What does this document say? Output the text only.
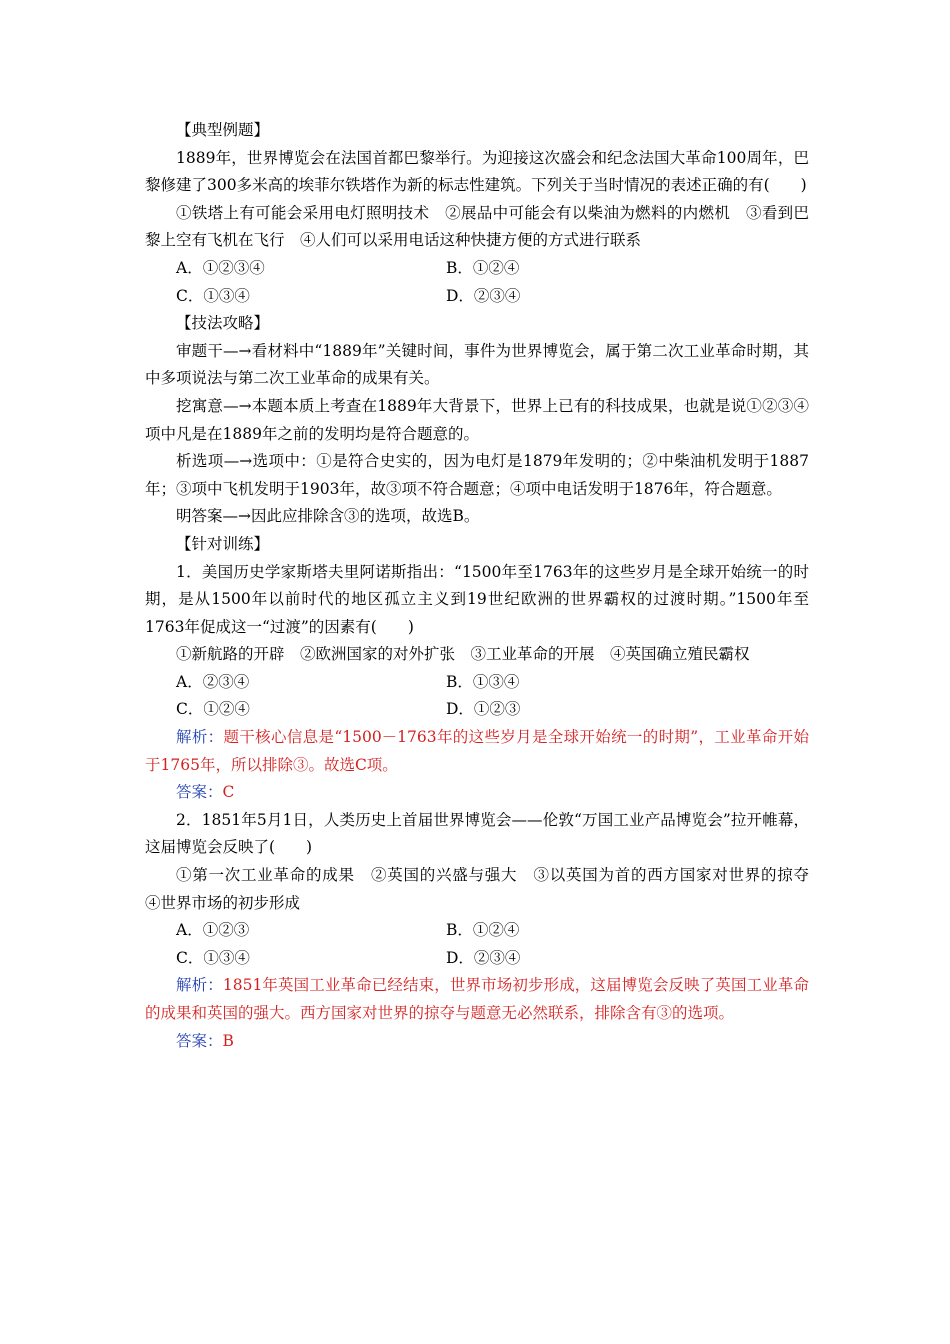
【典型例题】

1889年，世界博览会在法国首都巴黎举行。为迎接这次盛会和纪念法国大革命100周年，巴黎修建了300多米高的埃菲尔铁塔作为新的标志性建筑。下列关于当时情况的表述正确的有(　　)

①铁塔上有可能会采用电灯照明技术　②展品中可能会有以柴油为燃料的内燃机　③看到巴黎上空有飞机在飞行　④人们可以采用电话这种快捷方便的方式进行联系

A．①②③④	B．①②④
C．①③④	D．②③④

【技法攻略】

审题干—→看材料中“1889年”关键时间，事件为世界博览会，属于第二次工业革命时期，其中多项说法与第二次工业革命的成果有关。

挖寓意—→本题本质上考查在1889年大背景下，世界上已有的科技成果，也就是说①②③④项中凡是在1889年之前的发明均是符合题意的。

析选项—→选项中：①是符合史实的，因为电灯是1879年发明的；②中柴油机发明于1887年；③项中飞机发明于1903年，故③项不符合题意；④项中电话发明于1876年，符合题意。

明答案—→因此应排除含③的选项，故选B。

【针对训练】

1．美国历史学家斯塔夫里阿诺斯指出：“1500年至1763年的这些岁月是全球开始统一的时期，是从1500年以前时代的地区孤立主义到19世纪欧洲的世界霸权的过渡时期。”1500年至1763年促成这一“过渡”的因素有(　　)

①新航路的开辟　②欧洲国家的对外扩张　③工业革命的开展　④英国确立殖民霸权

A．②③④	B．①③④
C．①②④	D．①②③

解析：题干核心信息是“1500－1763年的这些岁月是全球开始统一的时期”，工业革命开始于1765年，所以排除③。故选C项。

答案：C

2．1851年5月1日，人类历史上首届世界博览会——伦敦“万国工业产品博览会”拉开帷幕，这届博览会反映了(　　)

①第一次工业革命的成果　②英国的兴盛与强大　③以英国为首的西方国家对世界的掠夺　④世界市场的初步形成

A．①②③	B．①②④
C．①③④	D．②③④

解析：1851年英国工业革命已经结束，世界市场初步形成，这届博览会反映了英国工业革命的成果和英国的强大。西方国家对世界的掠夺与题意无必然联系，排除含有③的选项。

答案：B
